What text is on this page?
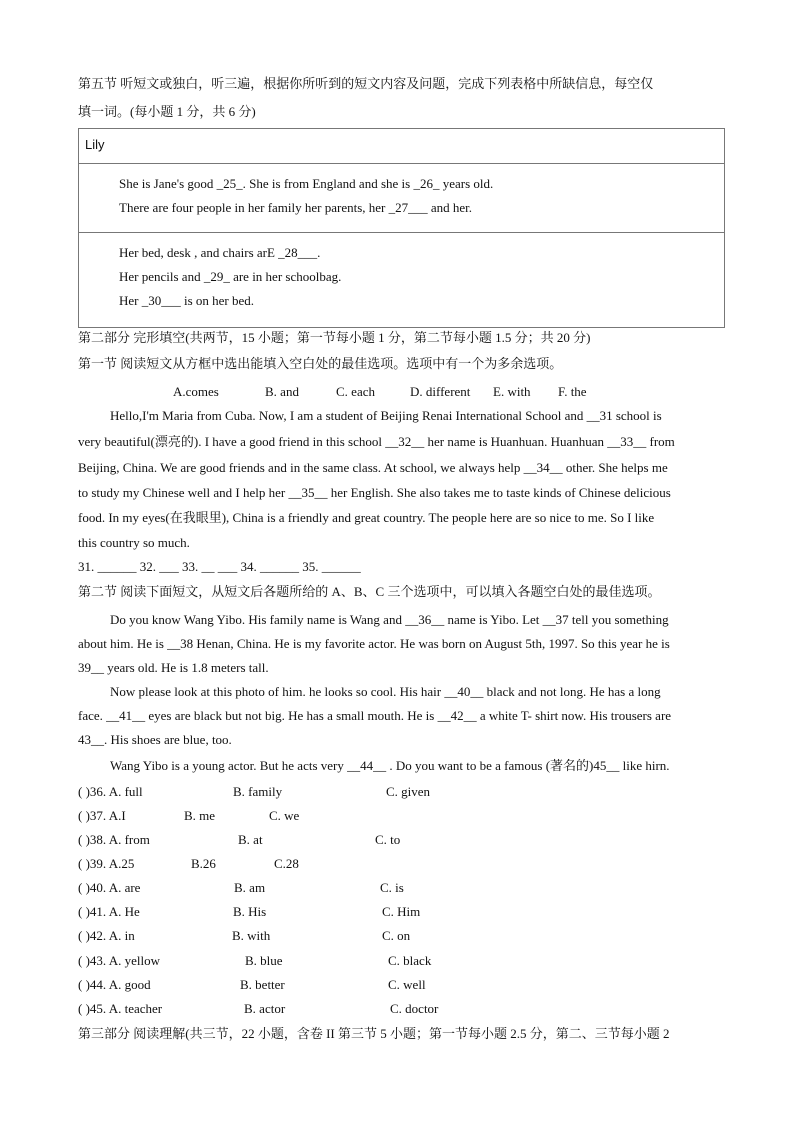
第五节 听短文或独白，听三遍，根据你所听到的短文内容及问题，完成下列表格中所缺信息，每空仅
填一词。(每小题 1 分，共 6 分)
Lily
She is Jane's good _25_. She is from England and she is _26_ years old.
There are four people in her family her parents, her _27___ and her.
Her bed, desk , and chairs arE _28___.
Her pencils and _29_ are in her schoolbag.
Her _30___ is on her bed.
第二部分 完形填空(共两节，15 小题；第一节每小题 1 分，第二节每小题 1.5 分；共 20 分)
第一节 阅读短文从方框中选出能填入空白处的最佳选项。选项中有一个为多余选项。
A.comes	B. and	C. each	D. different E. with F. the
Hello,I'm Maria from Cuba. Now, I am a student of Beijing Renai International School and __31 school is
very beautiful(漂亮的). I have a good friend in this school __32__ her name is Huanhuan. Huanhuan __33__ from
Beijing, China. We are good friends and in the same class. At school, we always help __34__ other. She helps me
to study my Chinese well and I help her __35__ her English. She also takes me to taste kinds of Chinese delicious
food. In my eyes(在我眼里), China is a friendly and great country. The people here are so nice to me. So I like
this country so much.
31. ______ 32. ___ 33. __ ___ 34. ______ 35. ______
第二节 阅读下面短文，从短文后各题所给的 A、B、C 三个选项中，可以填入各题空白处的最佳选项。
Do you know Wang Yibo. His family name is Wang and __36__ name is Yibo. Let __37 tell you something
about him. He is __38 Henan, China. He is my favorite actor. He was born on August 5th, 1997. So this year he is
39__ years old. He is 1.8 meters tall.
Now please look at this photo of him. he looks so cool. His hair __40__ black and not long. He has a long
face. __41__ eyes are black but not big. He has a small mouth. He is __42__ a white T- shirt now. His trousers are
43__. His shoes are blue, too.
Wang Yibo is a young actor. But he acts very __44__ . Do you want to be a famous (著名的)45__ like hirn.
( )36. A. full	B. family	C. given
( )37. A.I	B. me	C. we
( )38. A. from	B. at	C. to
( )39. A.25	B.26	C.28
( )40. A. are	B. am	C. is
( )41. A. He	B. His	C. Him
( )42. A. in	B. with	C. on
( )43. A. yellow	B. blue	C. black
( )44. A. good	B. better	C. well
( )45. A. teacher	B. actor	C. doctor
第三部分 阅读理解(共三节，22 小题，含卷 II 第三节 5 小题；第一节每小题 2.5 分，第二、三节每小题 2
